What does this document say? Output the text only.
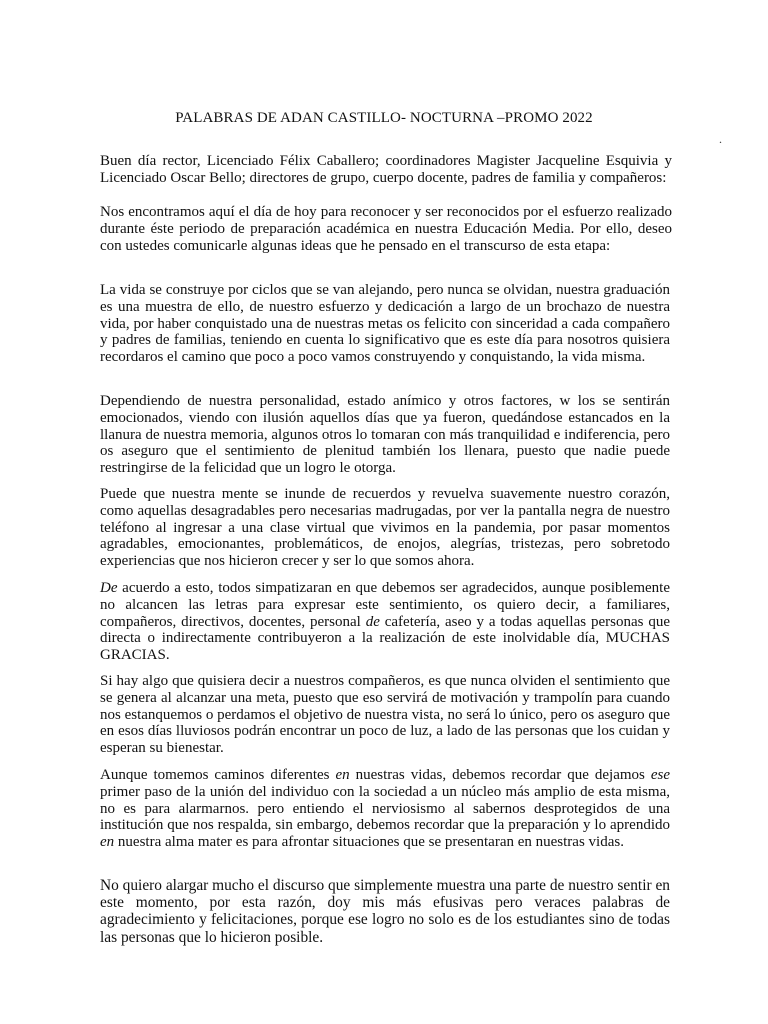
PALABRAS DE ADAN CASTILLO- NOCTURNA –PROMO 2022
.

Buen día rector, Licenciado Félix Caballero; coordinadores Magister Jacqueline Esquivia y Licenciado Oscar Bello; directores de grupo, cuerpo docente, padres de familia y compañeros:

Nos encontramos aquí el día de hoy para reconocer y ser reconocidos por el esfuerzo realizado durante éste periodo de preparación académica en nuestra Educación Media. Por ello, deseo con ustedes comunicarle algunas ideas que he pensado en el transcurso de esta etapa:

La vida se construye por ciclos que se van alejando, pero nunca se olvidan, nuestra graduación es una muestra de ello, de nuestro esfuerzo y dedicación a largo de un brochazo de nuestra vida, por haber conquistado una de nuestras metas os felicito con sinceridad a cada compañero y padres de familias, teniendo en cuenta lo significativo que es este día para nosotros quisiera recordaros el camino que poco a poco vamos construyendo y conquistando, la vida misma.

Dependiendo de nuestra personalidad, estado anímico y otros factores, w los se sentirán emocionados, viendo con ilusión aquellos días que ya fueron, quedándose estancados en la llanura de nuestra memoria, algunos otros lo tomaran con más tranquilidad e indiferencia, pero os aseguro que el sentimiento de plenitud también los llenara, puesto que nadie puede restringirse de la felicidad que un logro le otorga.

Puede que nuestra mente se inunde de recuerdos y revuelva suavemente nuestro corazón, como aquellas desagradables pero necesarias madrugadas, por ver la pantalla negra de nuestro teléfono al ingresar a una clase virtual que vivimos en la pandemia, por pasar momentos agradables, emocionantes, problemáticos, de enojos, alegrías, tristezas, pero sobretodo experiencias que nos hicieron crecer y ser lo que somos ahora.

De acuerdo a esto, todos simpatizaran en que debemos ser agradecidos, aunque posiblemente no alcancen las letras para expresar este sentimiento, os quiero decir, a familiares, compañeros, directivos, docentes, personal de cafetería, aseo y a todas aquellas personas que directa o indirectamente contribuyeron a la realización de este inolvidable día, MUCHAS GRACIAS.

Si hay algo que quisiera decir a nuestros compañeros, es que nunca olviden el sentimiento que se genera al alcanzar una meta, puesto que eso servirá de motivación y trampolín para cuando nos estanquemos o perdamos el objetivo de nuestra vista, no será lo único, pero os aseguro que en esos días lluviosos podrán encontrar un poco de luz, a lado de las personas que los cuidan y esperan su bienestar.

Aunque tomemos caminos diferentes en nuestras vidas, debemos recordar que dejamos ese primer paso de la unión del individuo con la sociedad a un núcleo más amplio de esta misma, no es para alarmarnos. pero entiendo el nerviosismo al sabernos desprotegidos de una institución que nos respalda, sin embargo, debemos recordar que la preparación y lo aprendido en nuestra alma mater es para afrontar situaciones que se presentaran en nuestras vidas.

No quiero alargar mucho el discurso que simplemente muestra una parte de nuestro sentir en este momento, por esta razón, doy mis más efusivas pero veraces palabras de agradecimiento y felicitaciones, porque ese logro no solo es de los estudiantes sino de todas las personas que lo hicieron posible.
